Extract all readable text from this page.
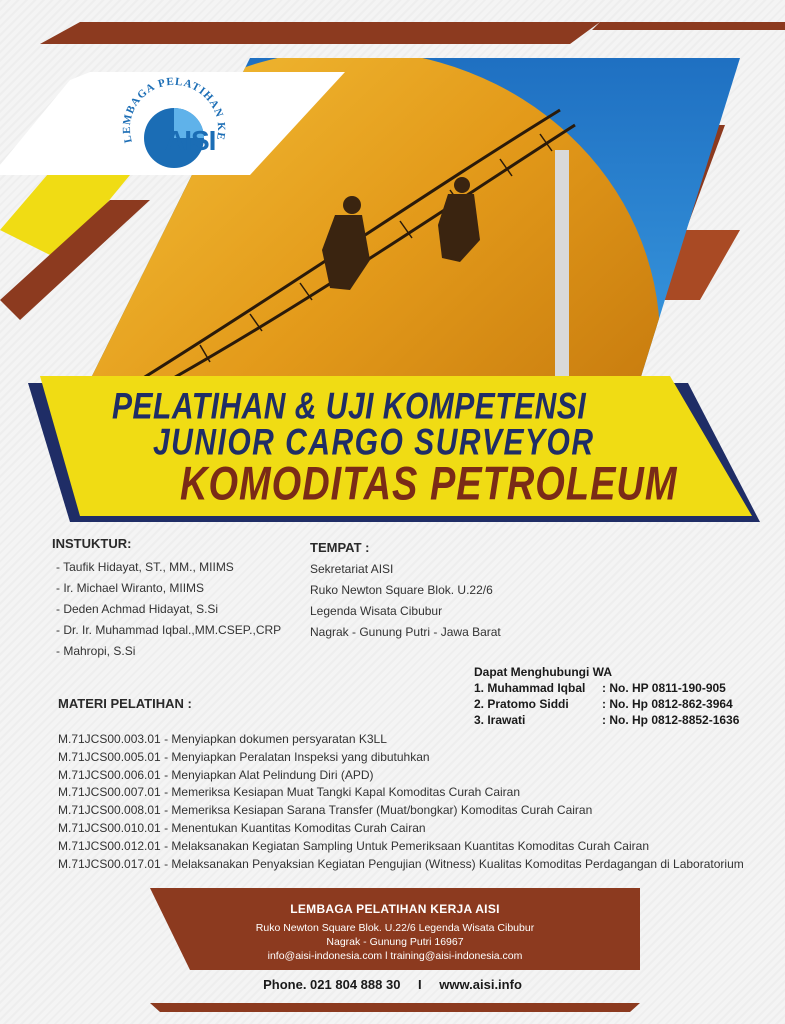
LEMBAGA PELATIHAN KE
AISI
PELATIHAN & UJI KOMPETENSI
JUNIOR CARGO SURVEYOR
KOMODITAS PETROLEUM
INSTUKTUR:
- Taufik Hidayat, ST., MM., MIIMS
- Ir. Michael Wiranto, MIIMS
- Deden Achmad Hidayat, S.Si
- Dr. Ir. Muhammad Iqbal.,MM.CSEP.,CRP
- Mahropi, S.Si
TEMPAT :
Sekretariat AISI
Ruko Newton Square Blok. U.22/6
Legenda Wisata Cibubur
Nagrak - Gunung Putri - Jawa Barat
Dapat Menghubungi WA
1. Muhammad Iqbal : No. HP 0811-190-905
2. Pratomo Siddi	: No. Hp 0812-862-3964
3. Irawati	: No. Hp 0812-8852-1636
MATERI PELATIHAN :
M.71JCS00.003.01 - Menyiapkan dokumen persyaratan K3LL
M.71JCS00.005.01 - Menyiapkan Peralatan Inspeksi yang dibutuhkan
M.71JCS00.006.01 - Menyiapkan Alat Pelindung Diri (APD)
M.71JCS00.007.01 - Memeriksa Kesiapan Muat Tangki Kapal Komoditas Curah Cairan
M.71JCS00.008.01 - Memeriksa Kesiapan Sarana Transfer (Muat/bongkar) Komoditas Curah Cairan
M.71JCS00.010.01 - Menentukan Kuantitas Komoditas Curah Cairan
M.71JCS00.012.01 - Melaksanakan Kegiatan Sampling Untuk Pemeriksaan Kuantitas Komoditas Curah Cairan
M.71JCS00.017.01 - Melaksanakan Penyaksian Kegiatan Pengujian (Witness) Kualitas Komoditas Perdagangan di Laboratorium
LEMBAGA PELATIHAN KERJA AISI
Ruko Newton Square Blok. U.22/6 Legenda Wisata Cibubur
Nagrak - Gunung Putri 16967
info@aisi-indonesia.com l training@aisi-indonesia.com
Phone. 021 804 888 30 I www.aisi.info
